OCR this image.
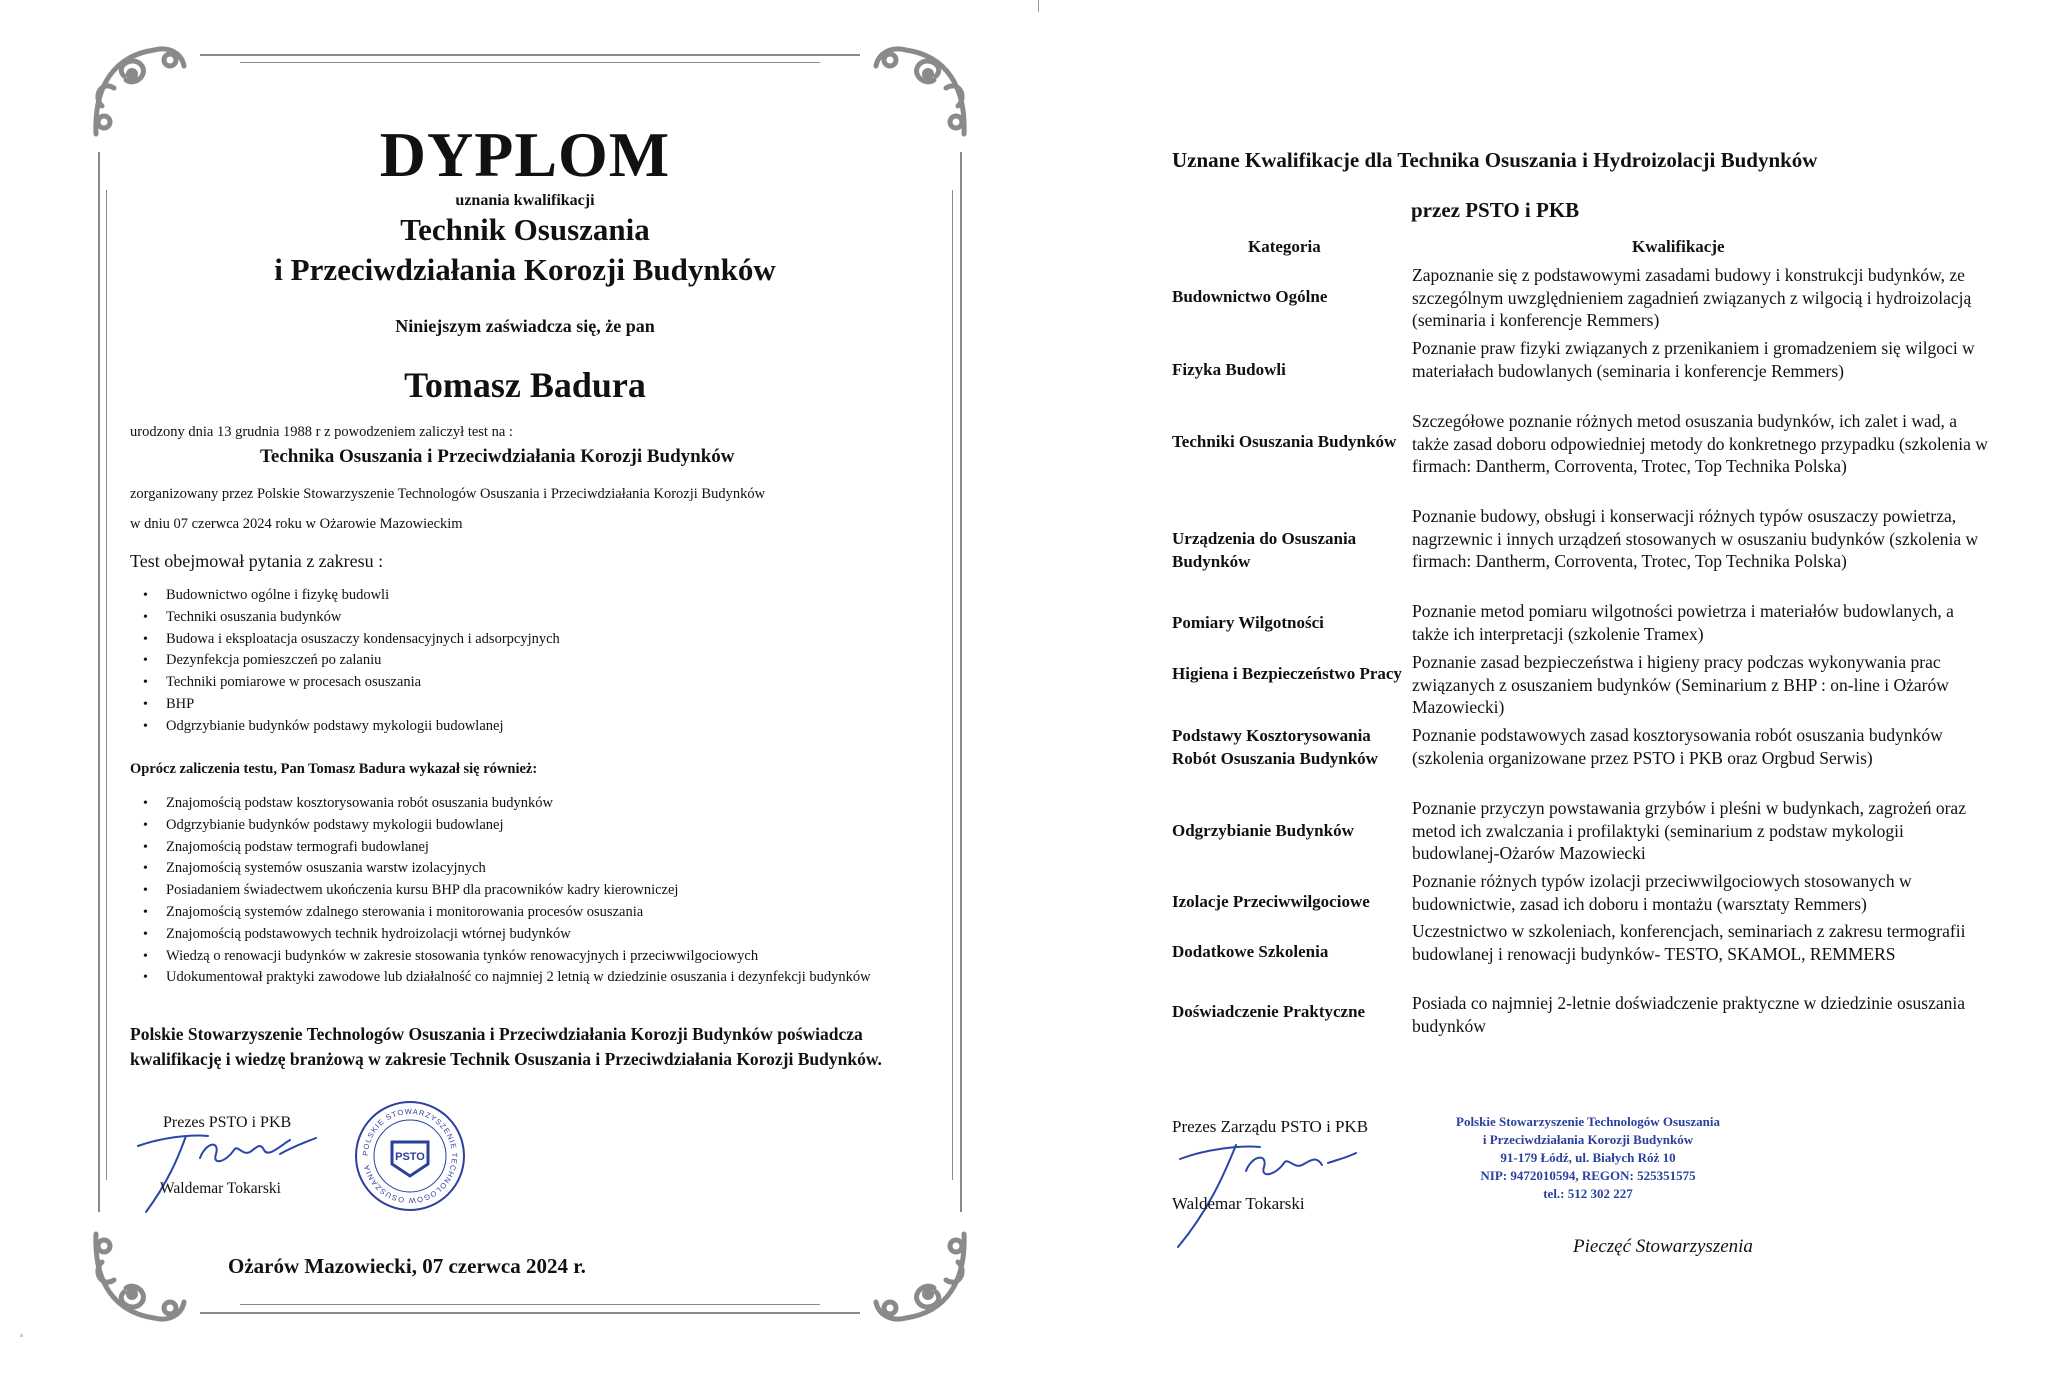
DYPLOM
uznania kwalifikacji
Technik Osuszania
i Przeciwdziałania Korozji Budynków
Niniejszym zaświadcza się, że pan
Tomasz Badura
urodzony dnia 13 grudnia 1988 r z powodzeniem zaliczył test na :
Technika Osuszania i Przeciwdziałania Korozji Budynków
zorganizowany przez Polskie Stowarzyszenie Technologów Osuszania i Przeciwdziałania Korozji Budynków
w dniu 07 czerwca 2024 roku w Ożarowie Mazowieckim
Test obejmował pytania z zakresu :
• Budownictwo ogólne i fizykę budowli
• Techniki osuszania budynków
• Budowa i eksploatacja osuszaczy kondensacyjnych i adsorpcyjnych
• Dezynfekcja pomieszczeń po zalaniu
• Techniki pomiarowe w procesach osuszania
• BHP
• Odgrzybianie budynków podstawy mykologii budowlanej
Oprócz zaliczenia testu, Pan Tomasz Badura wykazał się również:
• Znajomością podstaw kosztorysowania robót osuszania budynków
• Odgrzybianie budynków podstawy mykologii budowlanej
• Znajomością podstaw termografi budowlanej
• Znajomością systemów osuszania warstw izolacyjnych
• Posiadaniem świadectwem ukończenia kursu BHP dla pracowników kadry kierowniczej
• Znajomością systemów zdalnego sterowania i monitorowania procesów osuszania
• Znajomością podstawowych technik hydroizolacji wtórnej budynków
• Wiedzą o renowacji budynków w zakresie stosowania tynków renowacyjnych i przeciwwilgociowych
• Udokumentował praktyki zawodowe lub działalność co najmniej 2 letnią w dziedzinie osuszania i dezynfekcji budynków
Polskie Stowarzyszenie Technologów Osuszania i Przeciwdziałania Korozji Budynków poświadcza kwalifikację i wiedzę branżową w zakresie Technik Osuszania i Przeciwdziałania Korozji Budynków.
Prezes PSTO i PKB
Waldemar Tokarski
POLSKIE STOWARZYSZENIE TECHNOLOGÓW OSUSZANIA
PSTO
Ożarów Mazowiecki, 07 czerwca 2024 r.
Uznane Kwalifikacje dla Technika Osuszania i Hydroizolacji Budynków
przez PSTO i PKB
Kategoria	Kwalifikacje
Budownictwo Ogólne
Zapoznanie się z podstawowymi zasadami budowy i konstrukcji budynków, ze szczególnym uwzględnieniem zagadnień związanych z wilgocią i hydroizolacją (seminaria i konferencje Remmers)
Fizyka Budowli
Poznanie praw fizyki związanych z przenikaniem i gromadzeniem się wilgoci w materiałach budowlanych (seminaria i konferencje Remmers)
Techniki Osuszania Budynków
Szczegółowe poznanie różnych metod osuszania budynków, ich zalet i wad, a także zasad doboru odpowiedniej metody do konkretnego przypadku (szkolenia w firmach: Dantherm, Corroventa, Trotec, Top Technika Polska)
Urządzenia do Osuszania Budynków
Poznanie budowy, obsługi i konserwacji różnych typów osuszaczy powietrza, nagrzewnic i innych urządzeń stosowanych w osuszaniu budynków (szkolenia w firmach: Dantherm, Corroventa, Trotec, Top Technika Polska)
Pomiary Wilgotności
Poznanie metod pomiaru wilgotności powietrza i materiałów budowlanych, a także ich interpretacji (szkolenie Tramex)
Higiena i Bezpieczeństwo Pracy
Poznanie zasad bezpieczeństwa i higieny pracy podczas wykonywania prac związanych z osuszaniem budynków (Seminarium z BHP : on-line i Ożarów Mazowiecki)
Podstawy Kosztorysowania Robót Osuszania Budynków
Poznanie podstawowych zasad kosztorysowania robót osuszania budynków (szkolenia organizowane przez PSTO i PKB oraz Orgbud Serwis)
Odgrzybianie Budynków
Poznanie przyczyn powstawania grzybów i pleśni w budynkach, zagrożeń oraz metod ich zwalczania i profilaktyki (seminarium z podstaw mykologii budowlanej-Ożarów Mazowiecki
Izolacje Przeciwwilgociowe
Poznanie różnych typów izolacji przeciwwilgociowych stosowanych w budownictwie, zasad ich doboru i montażu (warsztaty Remmers)
Dodatkowe Szkolenia
Uczestnictwo w szkoleniach, konferencjach, seminariach z zakresu termografii budowlanej i renowacji budynków- TESTO, SKAMOL, REMMERS
Doświadczenie Praktyczne	Posiada co najmniej 2-letnie doświadczenie praktyczne w dziedzinie osuszania budynków
Prezes Zarządu PSTO i PKB
Waldemar Tokarski
Polskie Stowarzyszenie Technologów Osuszania
i Przeciwdziałania Korozji Budynków
91-179 Łódź, ul. Białych Róż 10
NIP: 9472010594, REGON: 525351575
tel.: 512 302 227
Pieczęć Stowarzyszenia
